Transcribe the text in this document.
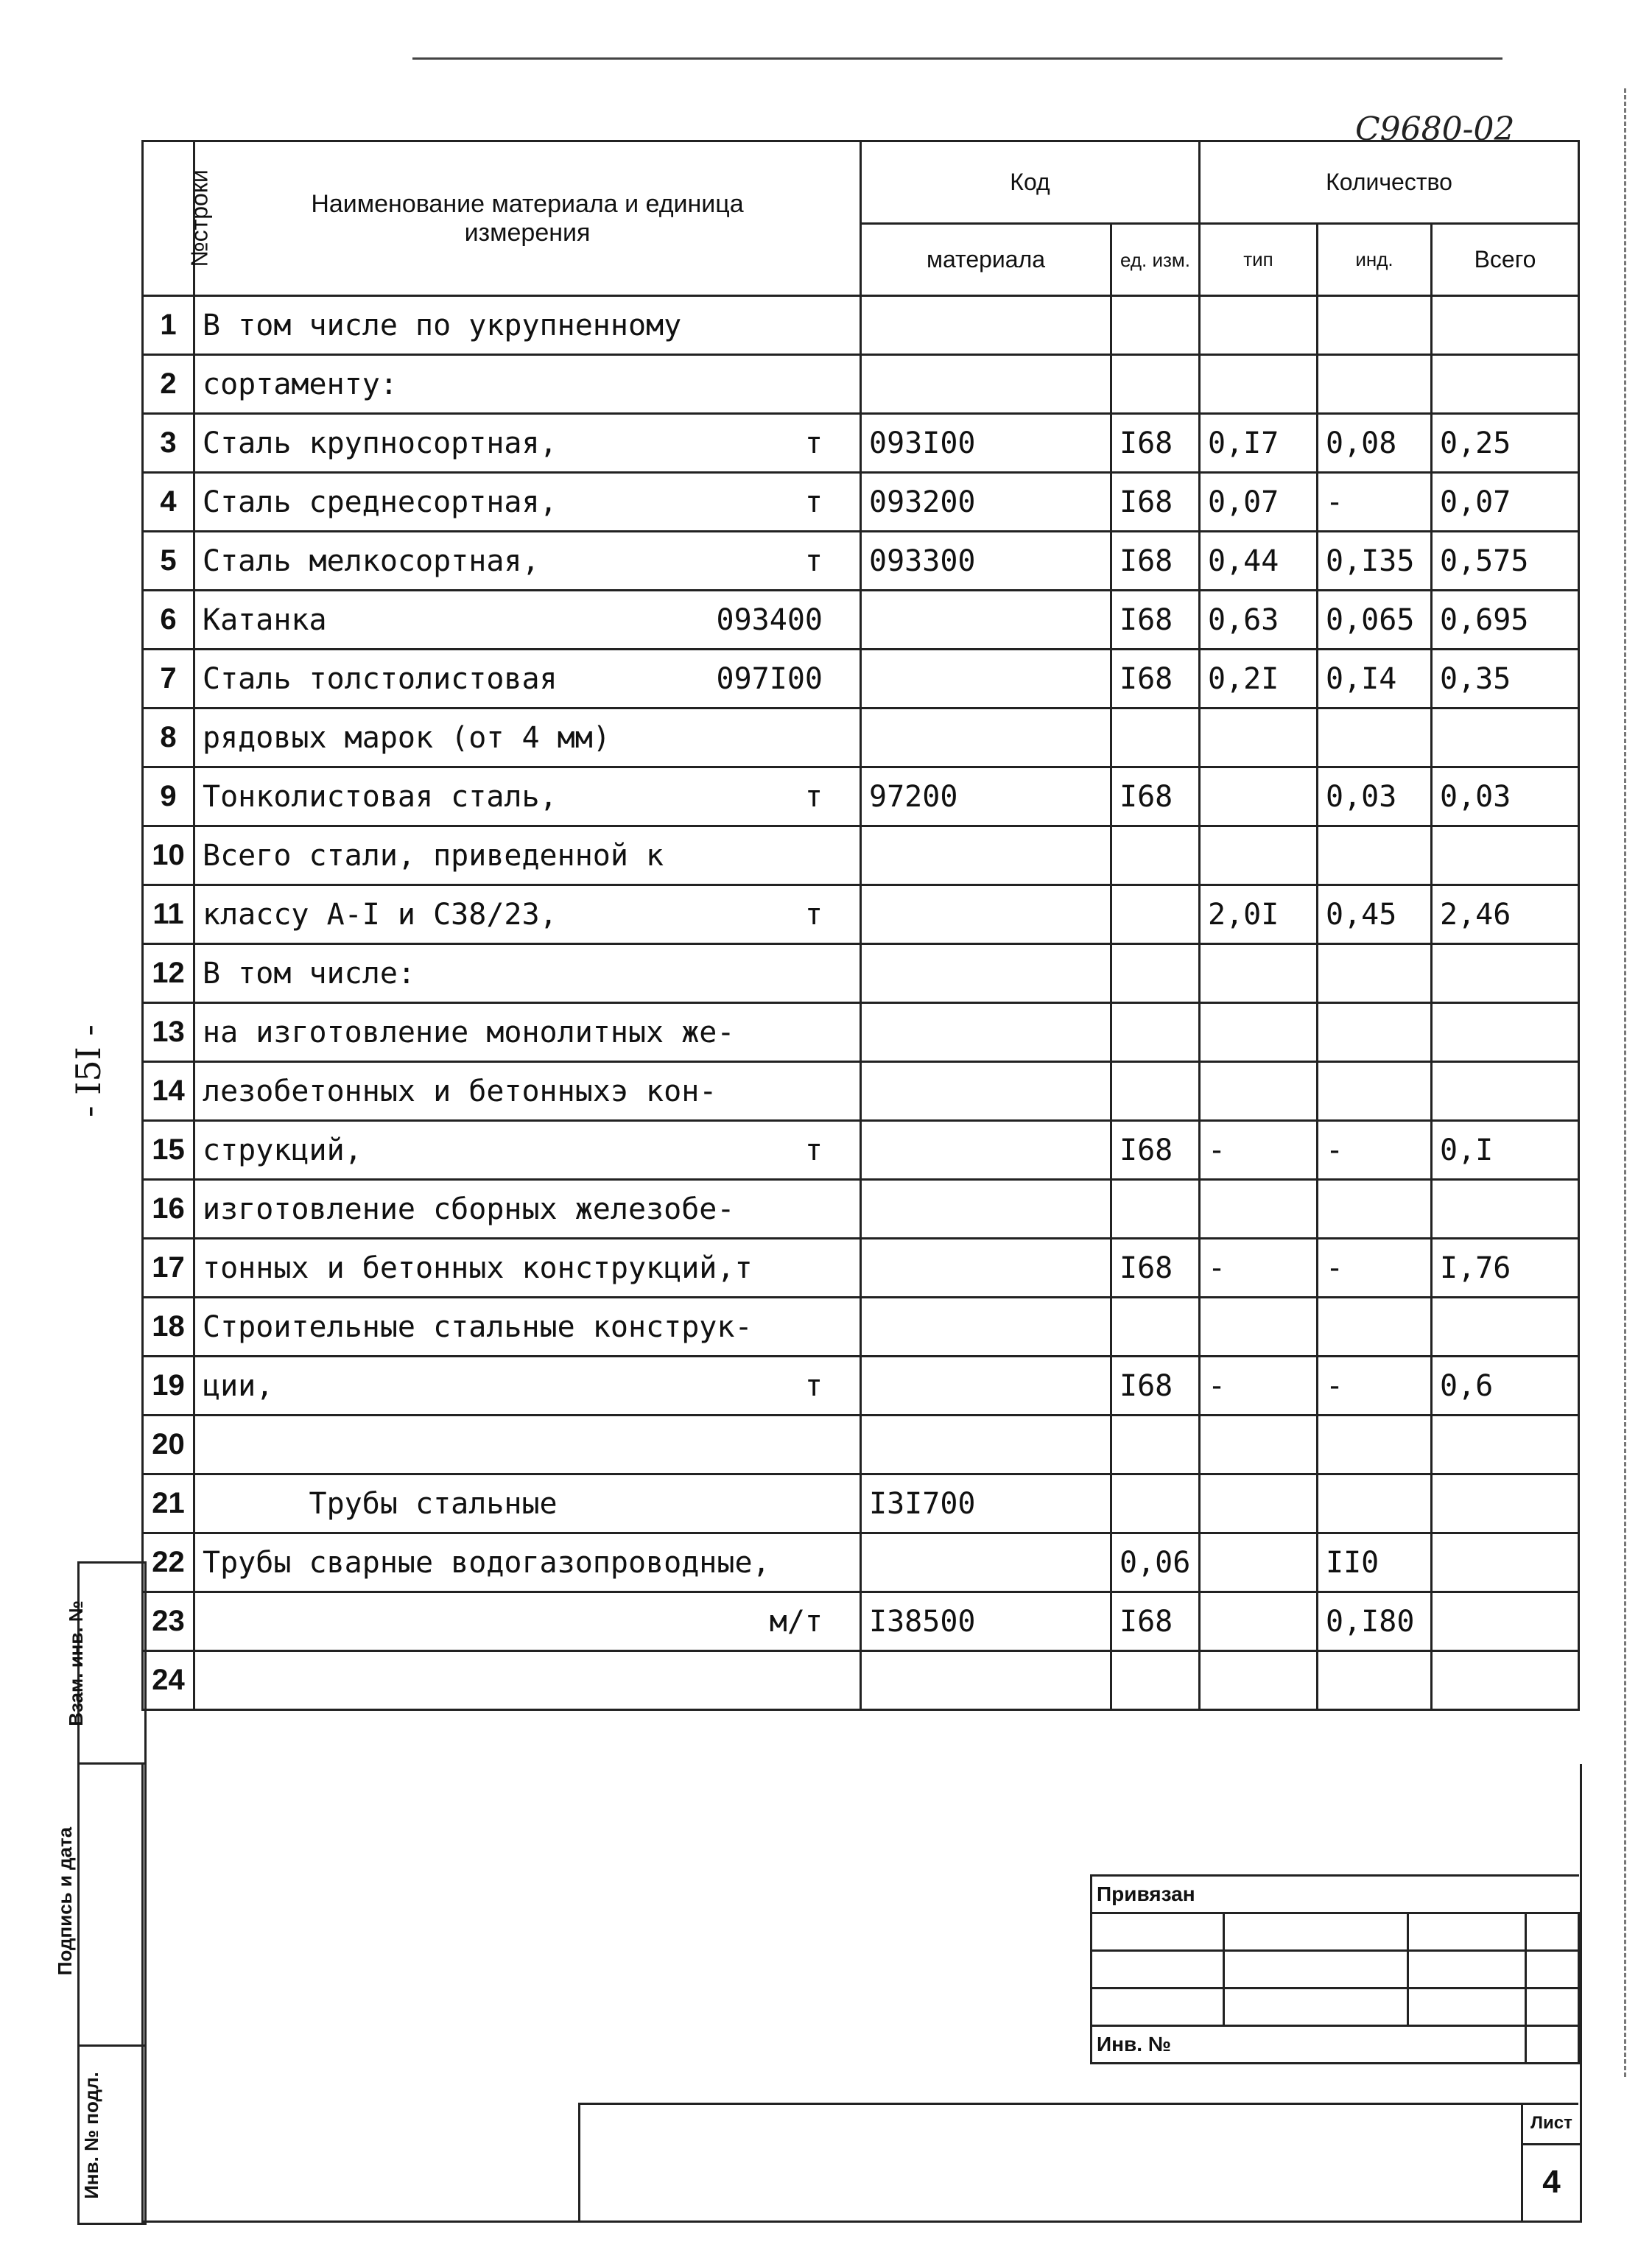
С9680-02
- I5I -
№строки	Наименование материала и единица измерения	Код		Количество		
		материала	ед. изм.	тип	инд.	Всего
1	В том числе по укрупненному					

2	сортаменту:					

3	Сталь крупносортная, т	093I00	I68	0,I7	0,08	0,25
4	Сталь среднесортная, т	093200	I68	0,07	-	0,07
5	Сталь мелкосортная, т	093300	I68	0,44	0,I35	0,575
6	Катанка 093400		I68	0,63	0,065	0,695
7	Сталь толстолистовая 097I00		I68	0,2I	0,I4	0,35
8	рядовых марок (от 4 мм)					

9	Тонколистовая сталь, т	97200	I68		0,03	0,03
10	Всего стали, приведенной к					

11	классу А-I и С38/23, т			2,0I	0,45	2,46
12	В том числе:					

13	на изготовление монолитных же-					

14	лезобетонных и бетонныхэ кон-					

15	струкций, т		I68	-	-	0,I
16	изготовление сборных железобе-					

17	тонных и бетонных конструкций,т		I68	-	-	I,76
18	Строительные стальные конструк-					

19	ции, т		I68	-	-	0,6
20	

21	Трубы стальные	I3I700				
22	Трубы сварные водогазопроводные,		0,06		II0	
23	м/т	I38500	I68		0,I80	
24	

Взам. инв. №
Подпись и дата
Инв. № подл.
Привязан			

Инв. №			
Лист
4
